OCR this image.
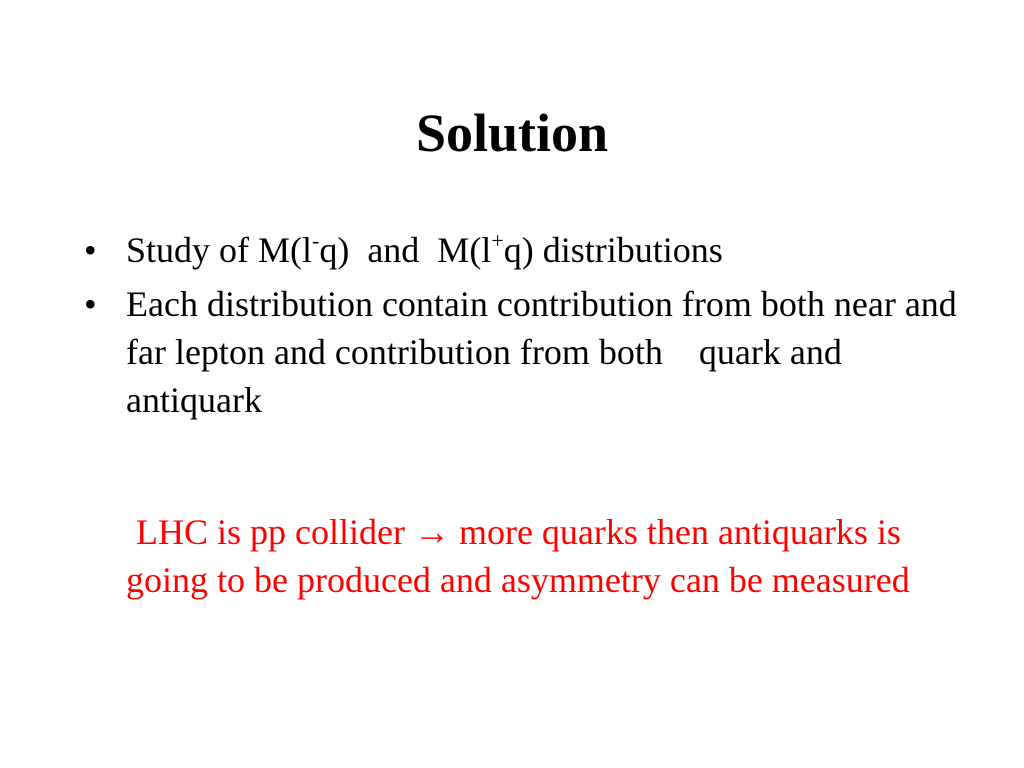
Solution
• Study of M(l-q)  and  M(l+q) distributions
• Each distribution contain contribution from both near and far lepton and contribution from both    quark and antiquark
LHC is pp collider → more quarks then antiquarks is going to be produced and asymmetry can be measured
